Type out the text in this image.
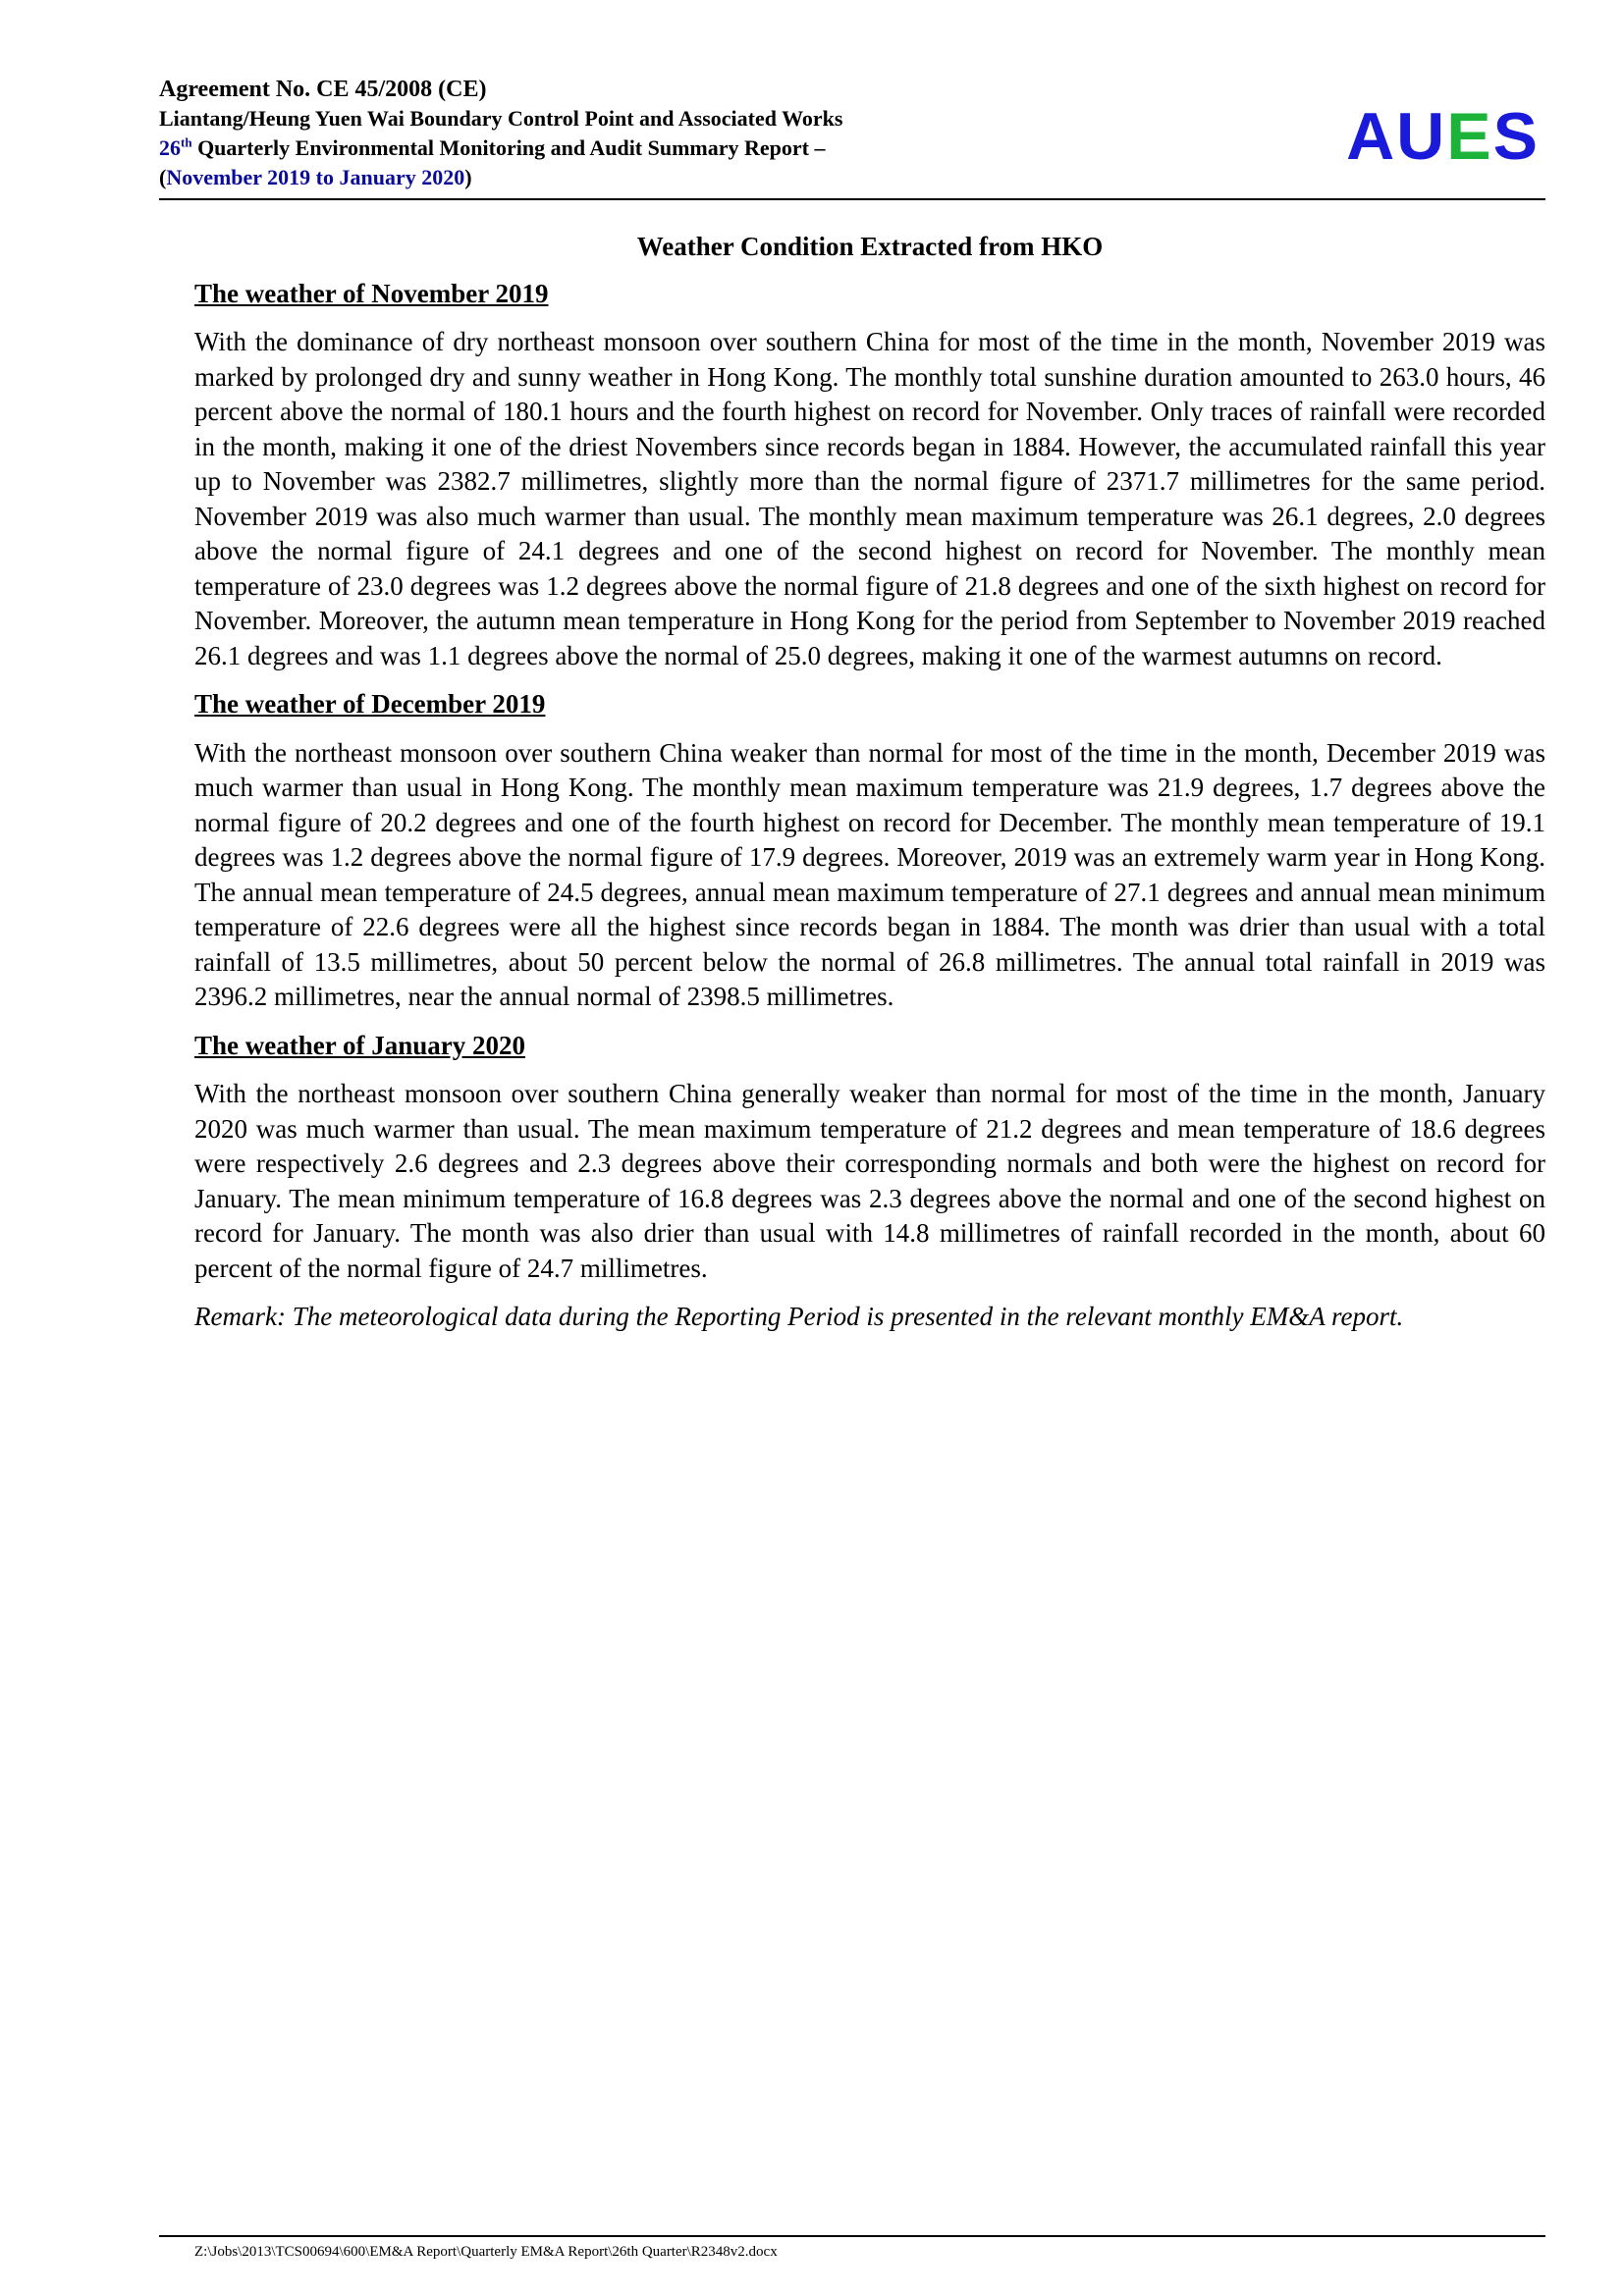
Agreement No. CE 45/2008 (CE)
Liantang/Heung Yuen Wai Boundary Control Point and Associated Works
26th Quarterly Environmental Monitoring and Audit Summary Report –
(November 2019 to January 2020)
AUES
Weather Condition Extracted from HKO
The weather of November 2019
With the dominance of dry northeast monsoon over southern China for most of the time in the month, November 2019 was marked by prolonged dry and sunny weather in Hong Kong. The monthly total sunshine duration amounted to 263.0 hours, 46 percent above the normal of 180.1 hours and the fourth highest on record for November. Only traces of rainfall were recorded in the month, making it one of the driest Novembers since records began in 1884. However, the accumulated rainfall this year up to November was 2382.7 millimetres, slightly more than the normal figure of 2371.7 millimetres for the same period. November 2019 was also much warmer than usual. The monthly mean maximum temperature was 26.1 degrees, 2.0 degrees above the normal figure of 24.1 degrees and one of the second highest on record for November. The monthly mean temperature of 23.0 degrees was 1.2 degrees above the normal figure of 21.8 degrees and one of the sixth highest on record for November. Moreover, the autumn mean temperature in Hong Kong for the period from September to November 2019 reached 26.1 degrees and was 1.1 degrees above the normal of 25.0 degrees, making it one of the warmest autumns on record.
The weather of December 2019
With the northeast monsoon over southern China weaker than normal for most of the time in the month, December 2019 was much warmer than usual in Hong Kong. The monthly mean maximum temperature was 21.9 degrees, 1.7 degrees above the normal figure of 20.2 degrees and one of the fourth highest on record for December. The monthly mean temperature of 19.1 degrees was 1.2 degrees above the normal figure of 17.9 degrees. Moreover, 2019 was an extremely warm year in Hong Kong. The annual mean temperature of 24.5 degrees, annual mean maximum temperature of 27.1 degrees and annual mean minimum temperature of 22.6 degrees were all the highest since records began in 1884. The month was drier than usual with a total rainfall of 13.5 millimetres, about 50 percent below the normal of 26.8 millimetres. The annual total rainfall in 2019 was 2396.2 millimetres, near the annual normal of 2398.5 millimetres.
The weather of January 2020
With the northeast monsoon over southern China generally weaker than normal for most of the time in the month, January 2020 was much warmer than usual. The mean maximum temperature of 21.2 degrees and mean temperature of 18.6 degrees were respectively 2.6 degrees and 2.3 degrees above their corresponding normals and both were the highest on record for January. The mean minimum temperature of 16.8 degrees was 2.3 degrees above the normal and one of the second highest on record for January. The month was also drier than usual with 14.8 millimetres of rainfall recorded in the month, about 60 percent of the normal figure of 24.7 millimetres.
Remark: The meteorological data during the Reporting Period is presented in the relevant monthly EM&A report.
Z:\Jobs\2013\TCS00694\600\EM&A Report\Quarterly EM&A Report\26th Quarter\R2348v2.docx
